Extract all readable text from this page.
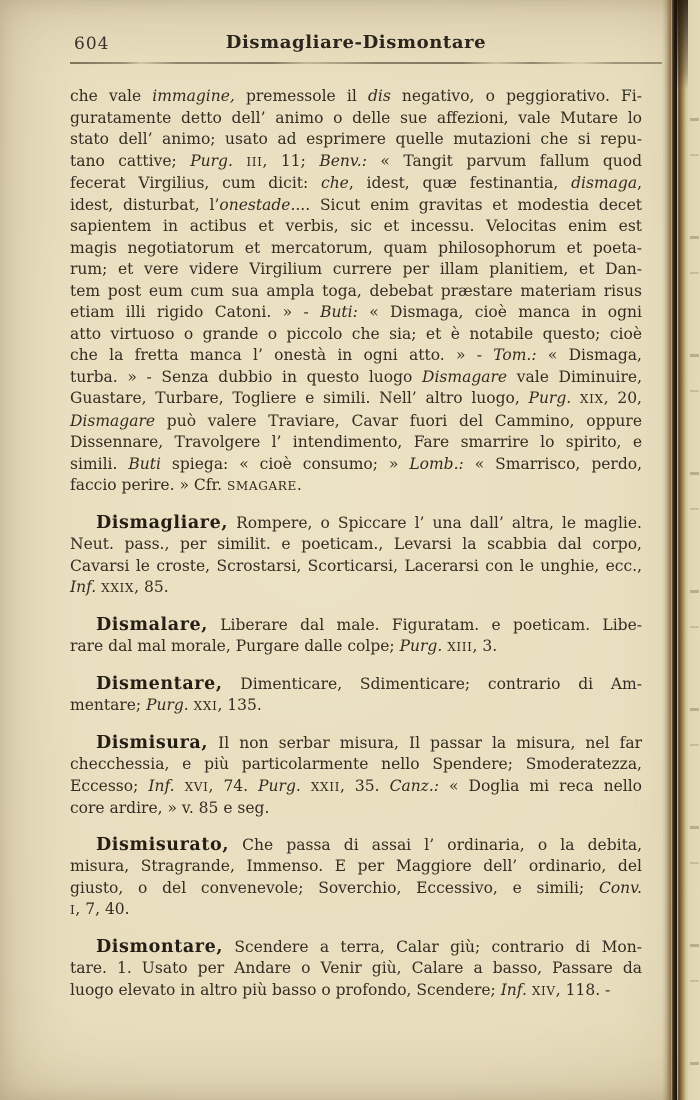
604	Dismagliare-Dismontare
che vale immagine, premessole il dis negativo, o peggiorativo. Fi-
guratamente detto dell’ animo o delle sue affezioni, vale Mutare lo
stato dell’ animo; usato ad esprimere quelle mutazioni che si repu-
tano cattive; Purg. III, 11; Benv.: « Tangit parvum fallum quod
fecerat Virgilius, cum dicit: che, idest, quæ festinantia, dismaga,
idest, disturbat, l’onestade.... Sicut enim gravitas et modestia decet
sapientem in actibus et verbis, sic et incessu. Velocitas enim est
magis negotiatorum et mercatorum, quam philosophorum et poeta-
rum; et vere videre Virgilium currere per illam planitiem, et Dan-
tem post eum cum sua ampla toga, debebat præstare materiam risus
etiam illi rigido Catoni. » - Buti: « Dismaga, cioè manca in ogni
atto virtuoso o grande o piccolo che sia; et è notabile questo; cioè
che la fretta manca l’ onestà in ogni atto. » - Tom.: « Dismaga,
turba. » - Senza dubbio in questo luogo Dismagare vale Diminuire,
Guastare, Turbare, Togliere e simili. Nell’ altro luogo, Purg. XIX, 20,
Dismagare può valere Traviare, Cavar fuori del Cammino, oppure
Dissennare, Travolgere l’ intendimento, Fare smarrire lo spirito, e
simili. Buti spiega: « cioè consumo; » Lomb.: « Smarrisco, perdo,
faccio perire. » Cfr. SMAGARE.
Dismagliare, Rompere, o Spiccare l’ una dall’ altra, le maglie.
Neut. pass., per similit. e poeticam., Levarsi la scabbia dal corpo,
Cavarsi le croste, Scrostarsi, Scorticarsi, Lacerarsi con le unghie, ecc.,
Inf. XXIX, 85.
Dismalare, Liberare dal male. Figuratam. e poeticam. Libe-
rare dal mal morale, Purgare dalle colpe; Purg. XIII, 3.
Dismentare, Dimenticare, Sdimenticare; contrario di Am-
mentare; Purg. XXI, 135.
Dismisura, Il non serbar misura, Il passar la misura, nel far
checchessia, e più particolarmente nello Spendere; Smoderatezza,
Eccesso; Inf. XVI, 74. Purg. XXII, 35. Canz.: « Doglia mi reca nello
core ardire, » v. 85 e seg.
Dismisurato, Che passa di assai l’ ordinaria, o la debita,
misura, Stragrande, Immenso. E per Maggiore dell’ ordinario, del
giusto, o del convenevole; Soverchio, Eccessivo, e simili; Conv.
I, 7, 40.
Dismontare, Scendere a terra, Calar giù; contrario di Mon-
tare. 1. Usato per Andare o Venir giù, Calare a basso, Passare da
luogo elevato in altro più basso o profondo, Scendere; Inf. XIV, 118. -
